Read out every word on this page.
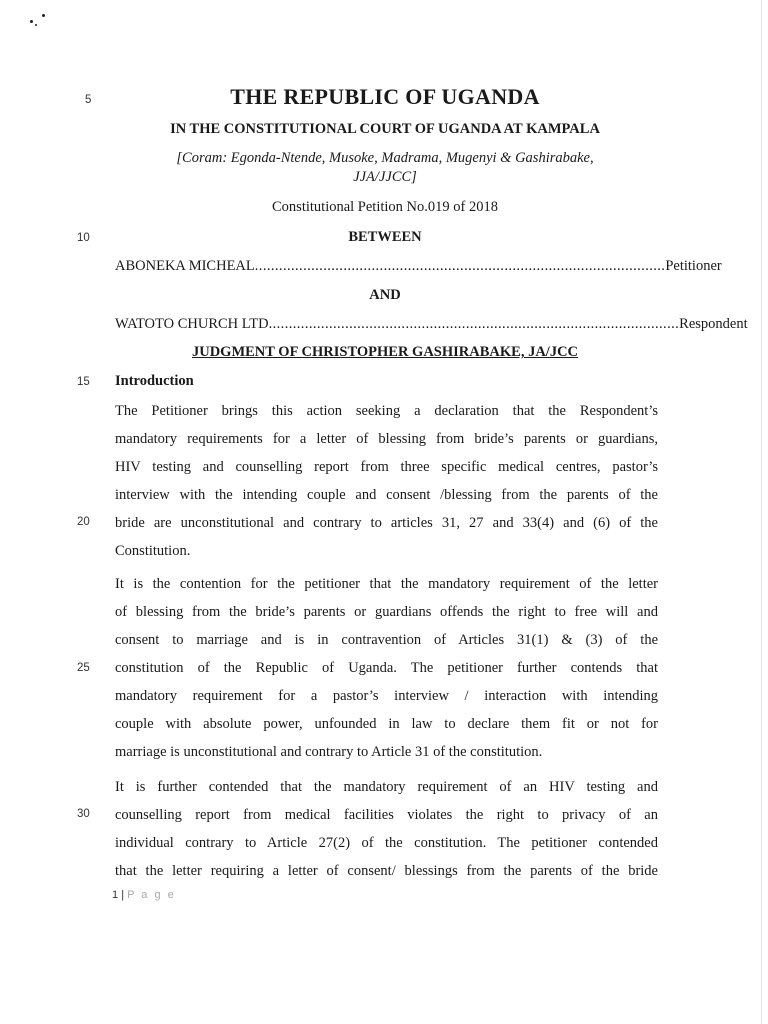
5
10
15
20
25
30
THE REPUBLIC OF UGANDA
IN THE CONSTITUTIONAL COURT OF UGANDA AT KAMPALA
[Coram: Egonda-Ntende, Musoke, Madrama, Mugenyi & Gashirabake,
JJA/JJCC]
Constitutional Petition No.019 of 2018
BETWEEN
ABONEKA MICHEAL ...................................................................................................... Petitioner
AND
WATOTO CHURCH LTD ...................................................................................................... Respondent
JUDGMENT OF CHRISTOPHER GASHIRABAKE, JA/JCC
Introduction
The Petitioner brings this action seeking a declaration that the Respondent’s
mandatory requirements for a letter of blessing from bride’s parents or guardians,
HIV testing and counselling report from three specific medical centres, pastor’s
interview with the intending couple and consent /blessing from the parents of the
bride are unconstitutional and contrary to articles 31, 27 and 33(4) and (6) of the
Constitution.
It is the contention for the petitioner that the mandatory requirement of the letter
of blessing from the bride’s parents or guardians offends the right to free will and
consent to marriage and is in contravention of Articles 31(1) & (3) of the
constitution of the Republic of Uganda. The petitioner further contends that
mandatory requirement for a pastor’s interview / interaction with intending
couple with absolute power, unfounded in law to declare them fit or not for
marriage is unconstitutional and contrary to Article 31 of the constitution.
It is further contended that the mandatory requirement of an HIV testing and
counselling report from medical facilities violates the right to privacy of an
individual contrary to Article 27(2) of the constitution. The petitioner contended
that the letter requiring a letter of consent/ blessings from the parents of the bride
1 | P a g e
